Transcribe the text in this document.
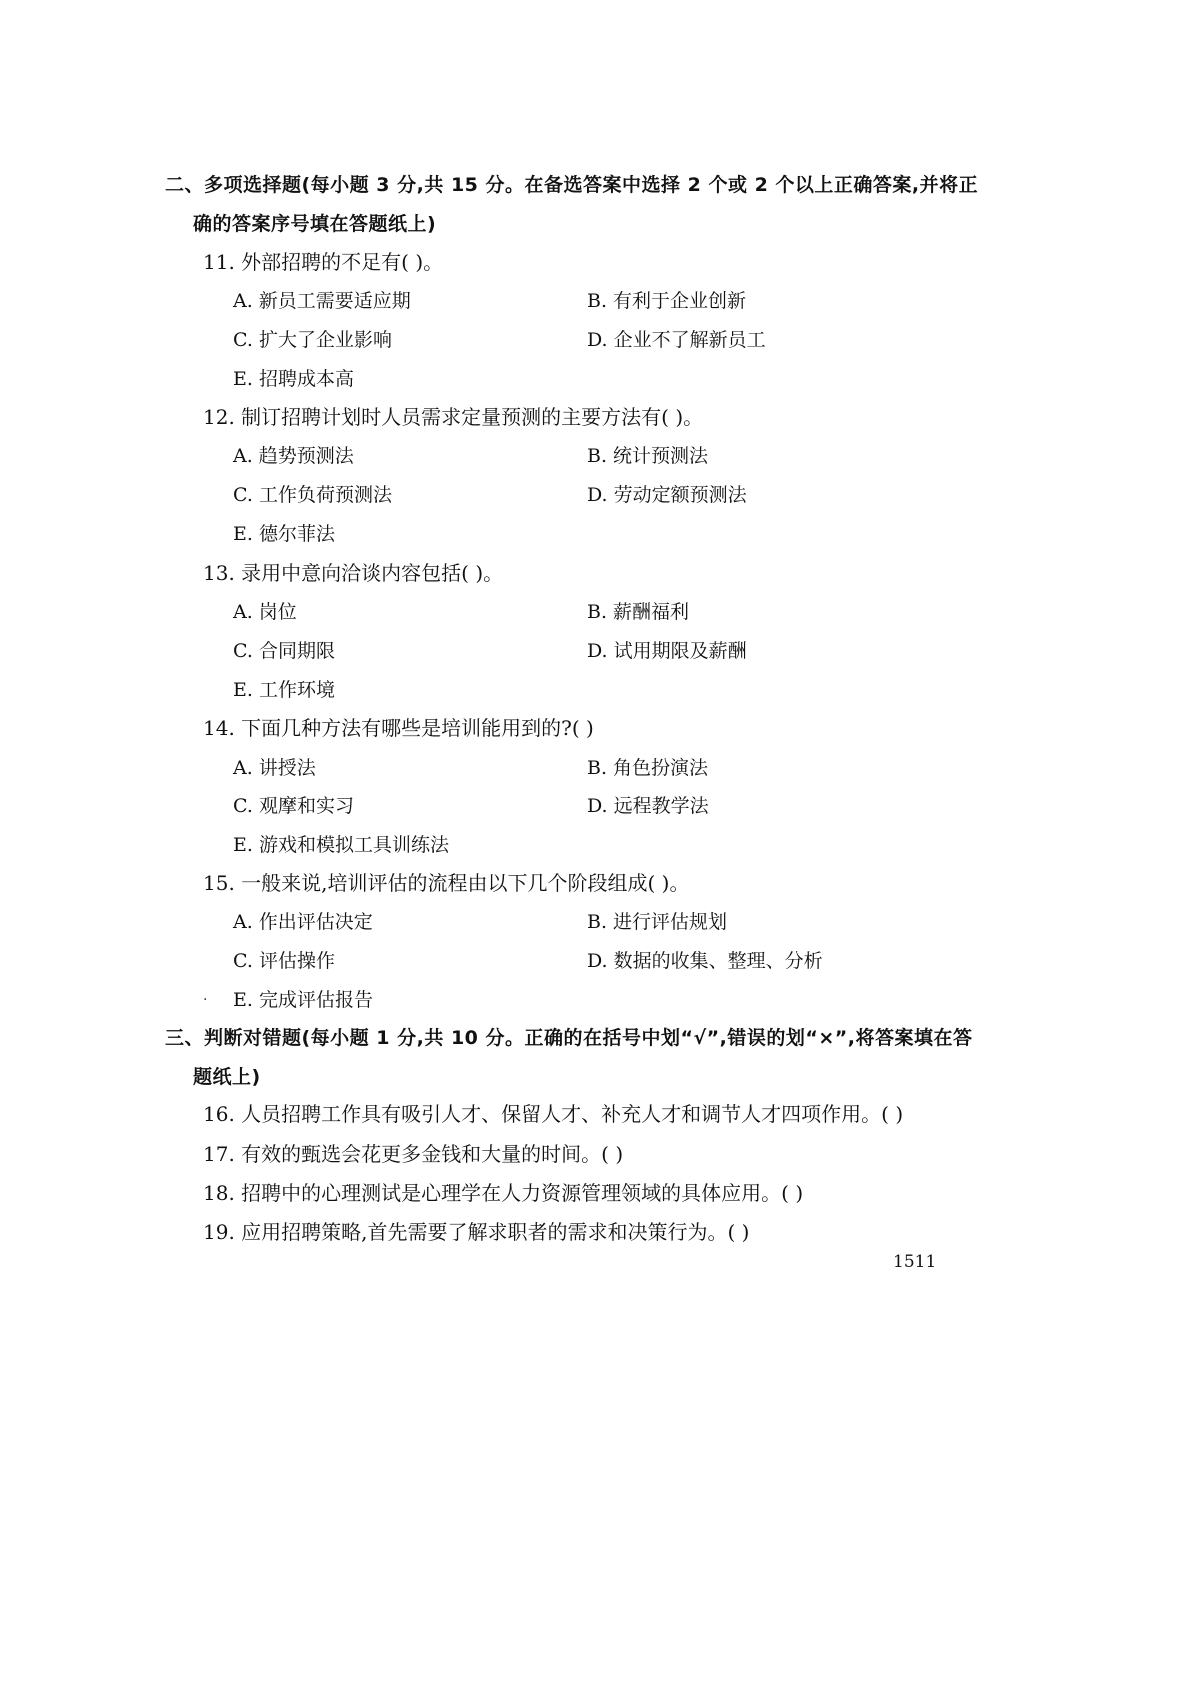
二、多项选择题(每小题 3 分,共 15 分。在备选答案中选择 2 个或 2 个以上正确答案,并将正
确的答案序号填在答题纸上)
11. 外部招聘的不足有( )。
A. 新员工需要适应期	B. 有利于企业创新
C. 扩大了企业影响	D. 企业不了解新员工
E. 招聘成本高
12. 制订招聘计划时人员需求定量预测的主要方法有( )。
A. 趋势预测法	B. 统计预测法
C. 工作负荷预测法	D. 劳动定额预测法
E. 德尔菲法
13. 录用中意向洽谈内容包括( )。
A. 岗位	B. 薪酬福利
C. 合同期限	D. 试用期限及薪酬
E. 工作环境
14. 下面几种方法有哪些是培训能用到的?( )
A. 讲授法	B. 角色扮演法
C. 观摩和实习	D. 远程教学法
E. 游戏和模拟工具训练法
15. 一般来说,培训评估的流程由以下几个阶段组成( )。
A. 作出评估决定	B. 进行评估规划
C. 评估操作	D. 数据的收集、整理、分析
· E. 完成评估报告
三、判断对错题(每小题 1 分,共 10 分。正确的在括号中划“√”,错误的划“×”,将答案填在答
题纸上)
16. 人员招聘工作具有吸引人才、保留人才、补充人才和调节人才四项作用。( )
17. 有效的甄选会花更多金钱和大量的时间。( )
18. 招聘中的心理测试是心理学在人力资源管理领域的具体应用。( )
19. 应用招聘策略,首先需要了解求职者的需求和决策行为。( )
1511
